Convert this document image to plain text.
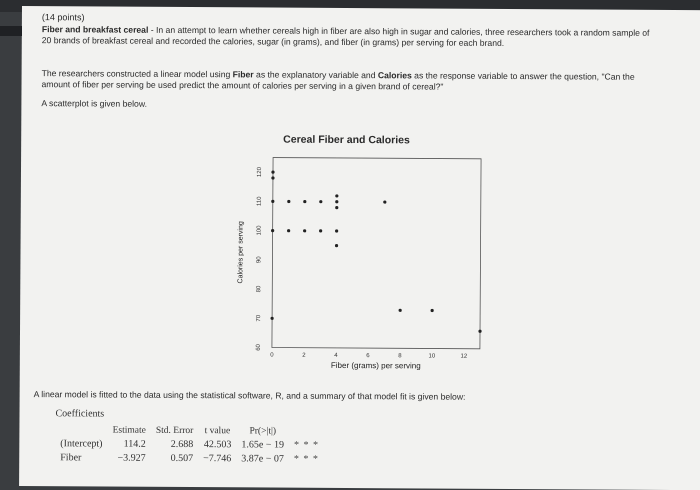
(14 points)
Fiber and breakfast cereal - In an attempt to learn whether cereals high in fiber are also high in sugar and calories, three researchers took a random sample of 20 brands of breakfast cereal and recorded the calories, sugar (in grams), and fiber (in grams) per serving for each brand.
The researchers constructed a linear model using Fiber as the explanatory variable and Calories as the response variable to answer the question, "Can the amount of fiber per serving be used predict the amount of calories per serving in a given brand of cereal?"
A scatterplot is given below.
Cereal Fiber and Calories
0	2	4	6	8	10	12
60
70
80
90
100
110
120
Fiber (grams) per serving
Calories per serving
A linear model is fitted to the data using the statistical software, R, and a summary of that model fit is given below:
Coefficients
	Estimate	Std. Error	t value	Pr(>|t|)	
(Intercept)	114.2	2.688	42.503	1.65e − 19	* * *
Fiber	−3.927	0.507	−7.746	3.87e − 07	* * *
